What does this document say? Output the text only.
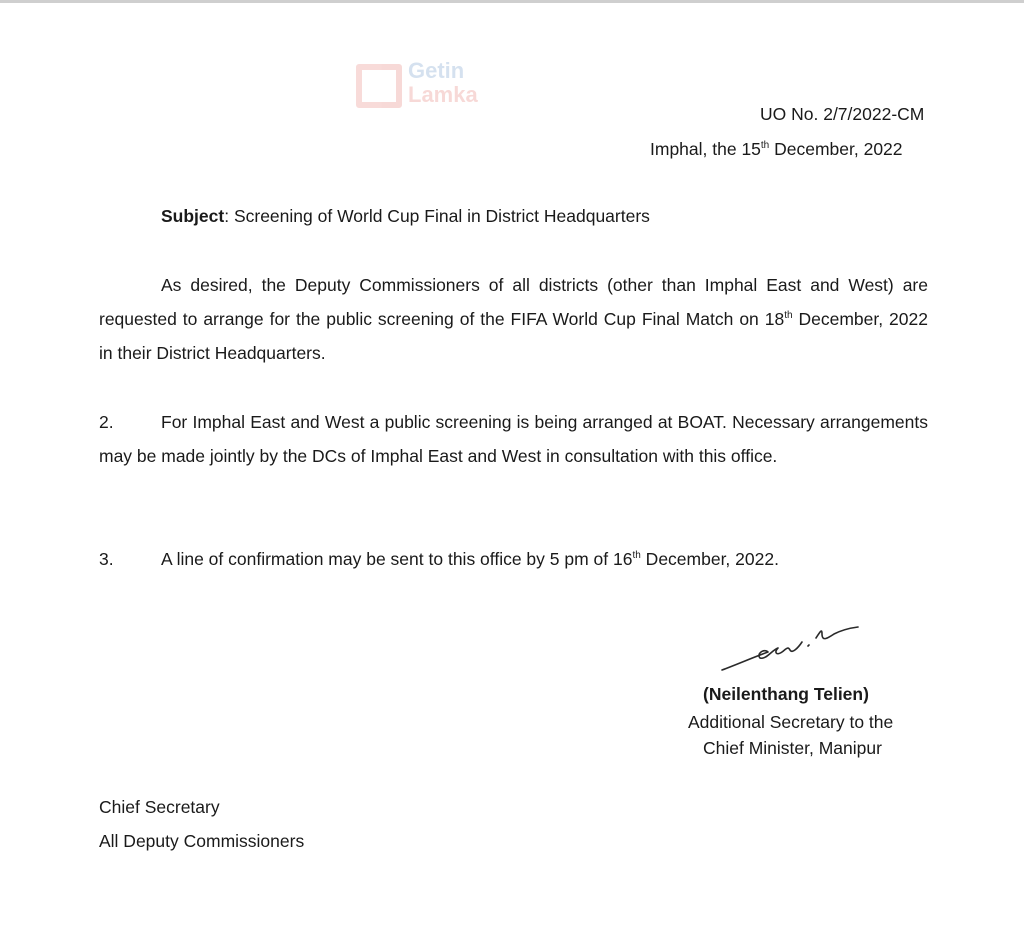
Getin
Lamka
UO No. 2/7/2022-CM
Imphal, the 15th December, 2022
Subject: Screening of World Cup Final in District Headquarters
As desired, the Deputy Commissioners of all districts (other than Imphal East and West) are requested to arrange for the public screening of the FIFA World Cup Final Match on 18th December, 2022 in their District Headquarters.
2.	For Imphal East and West a public screening is being arranged at BOAT. Necessary arrangements may be made jointly by the DCs of Imphal East and West in consultation with this office.
3.	A line of confirmation may be sent to this office by 5 pm of 16th December, 2022.
(Neilenthang Telien)
Additional Secretary to the
Chief Minister, Manipur
Chief Secretary
All Deputy Commissioners
